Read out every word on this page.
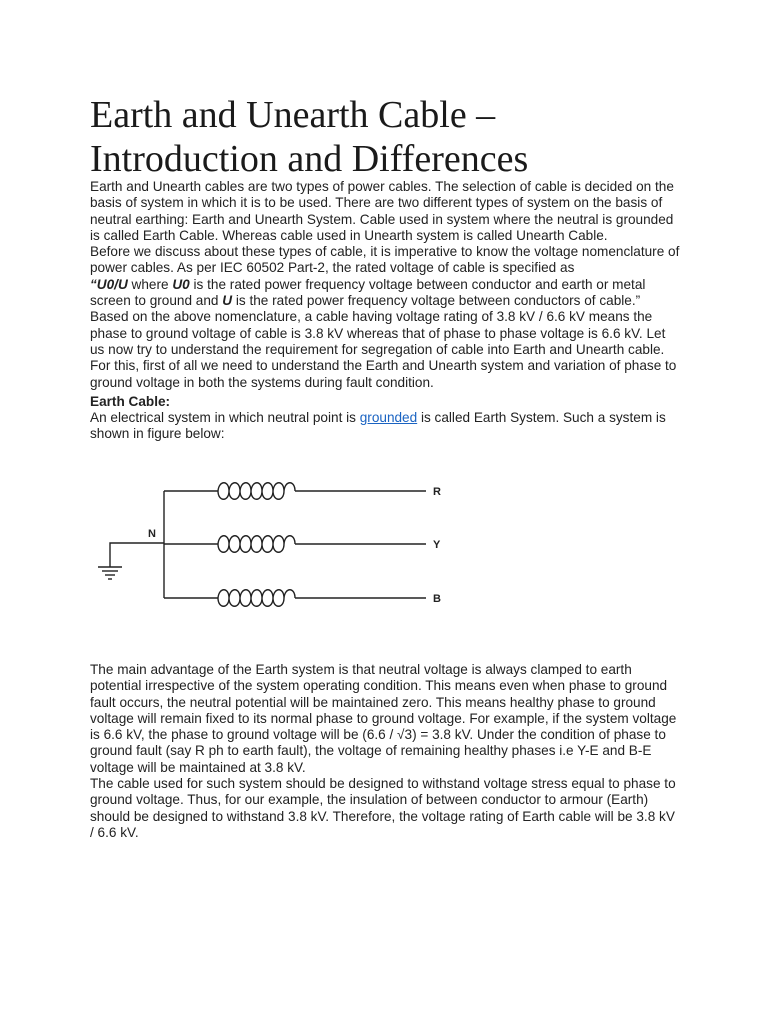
Earth and Unearth Cable – Introduction and Differences

Earth and Unearth cables are two types of power cables. The selection of cable is decided on the basis of system in which it is to be used. There are two different types of system on the basis of neutral earthing: Earth and Unearth System. Cable used in system where the neutral is grounded is called Earth Cable. Whereas cable used in Unearth system is called Unearth Cable.

Before we discuss about these types of cable, it is imperative to know the voltage nomenclature of power cables. As per IEC 60502 Part-2, the rated voltage of cable is specified as

“U0/U where U0 is the rated power frequency voltage between conductor and earth or metal screen to ground and U is the rated power frequency voltage between conductors of cable.”

Based on the above nomenclature, a cable having voltage rating of 3.8 kV / 6.6 kV means the phase to ground voltage of cable is 3.8 kV whereas that of phase to phase voltage is 6.6 kV. Let us now try to understand the requirement for segregation of cable into Earth and Unearth cable. For this, first of all we need to understand the Earth and Unearth system and variation of phase to ground voltage in both the systems during fault condition.

Earth Cable:

An electrical system in which neutral point is grounded is called Earth System. Such a system is shown in figure below:

The main advantage of the Earth system is that neutral voltage is always clamped to earth potential irrespective of the system operating condition. This means even when phase to ground fault occurs, the neutral potential will be maintained zero. This means healthy phase to ground voltage will remain fixed to its normal phase to ground voltage. For example, if the system voltage is 6.6 kV, the phase to ground voltage will be (6.6 / √3) = 3.8 kV. Under the condition of phase to ground fault (say R ph to earth fault), the voltage of remaining healthy phases i.e Y-E and B-E voltage will be maintained at 3.8 kV.

The cable used for such system should be designed to withstand voltage stress equal to phase to ground voltage. Thus, for our example, the insulation of between conductor to armour (Earth) should be designed to withstand 3.8 kV. Therefore, the voltage rating of Earth cable will be 3.8 kV / 6.6 kV.

N
R
Y
B
